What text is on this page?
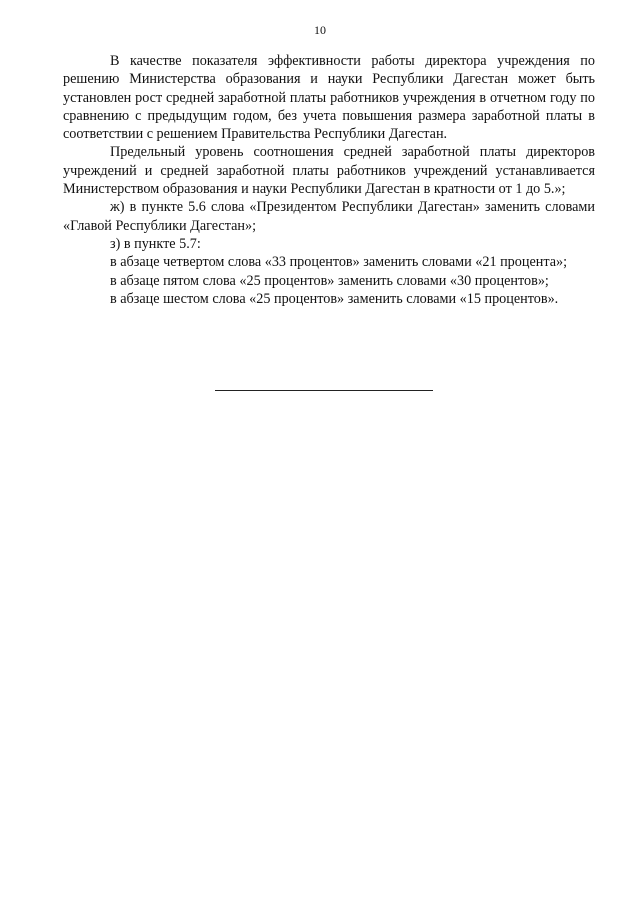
10

В качестве показателя эффективности работы директора учреждения по решению Министерства образования и науки Республики Дагестан может быть установлен рост средней заработной платы работников учреждения в отчетном году по сравнению с предыдущим годом, без учета повышения размера заработной платы в соответствии с решением Правительства Республики Дагестан.

Предельный уровень соотношения средней заработной платы директоров учреждений и средней заработной платы работников учреждений устанавливается Министерством образования и науки Республики Дагестан в кратности от 1 до 5.»;

ж) в пункте 5.6 слова «Президентом Республики Дагестан» заменить словами «Главой Республики Дагестан»;

з) в пункте 5.7:

в абзаце четвертом слова «33 процентов» заменить словами «21 процента»;

в абзаце пятом слова «25 процентов» заменить словами «30 процентов»;

в абзаце шестом слова «25 процентов» заменить словами «15 процентов».
